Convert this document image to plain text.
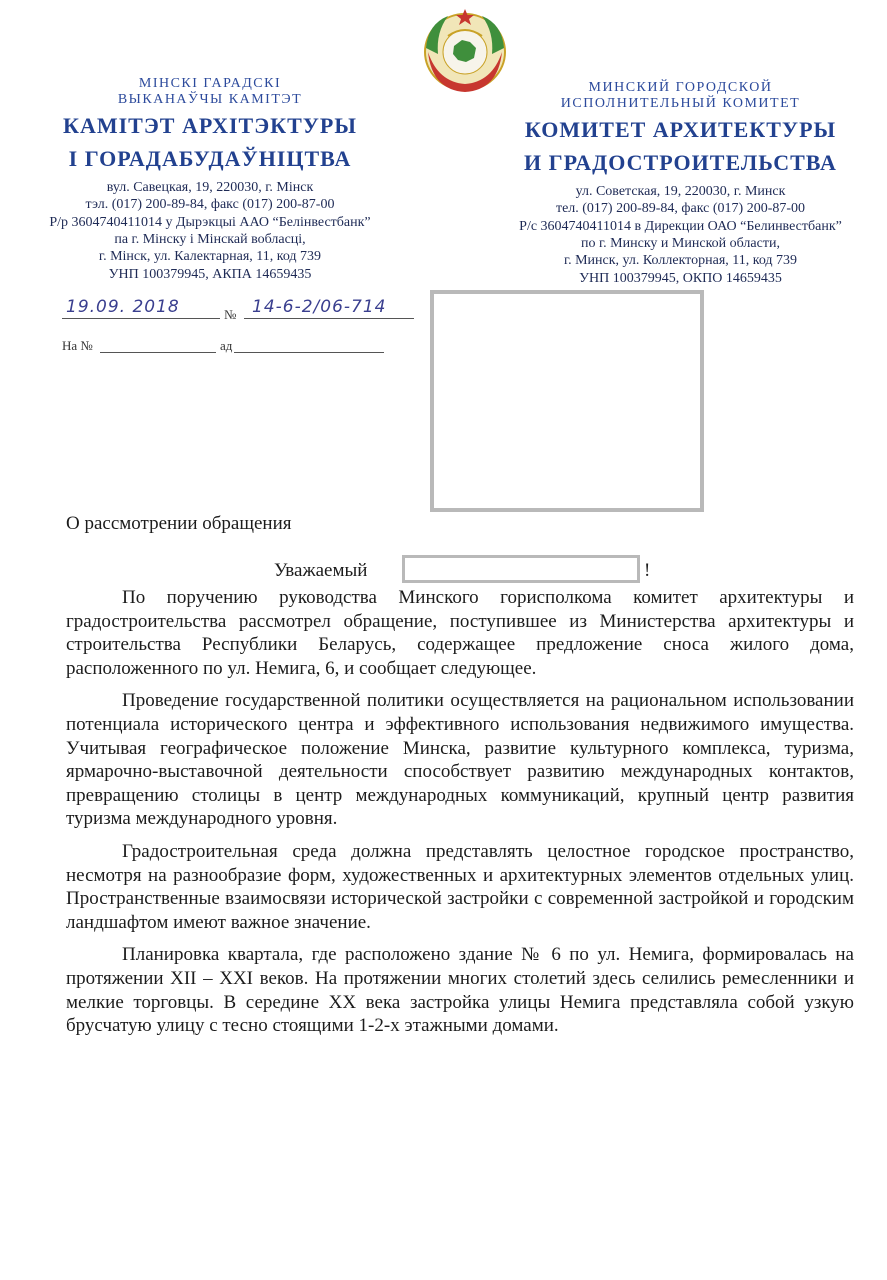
МІНСКІ ГАРАДСКІ
ВЫКАНАЎЧЫ КАМІТЭТ
КАМІТЭТ АРХІТЭКТУРЫ
І ГОРАДАБУДАЎНІЦТВА
вул. Савецкая, 19, 220030, г. Мінск
тэл. (017) 200-89-84, факс (017) 200-87-00
Р/р 3604740411014 у Дырэкцыі ААО “Белінвестбанк”
па г. Мінску і Мінскай вобласці,
г. Мінск, ул. Калектарная, 11, код 739
УНП 100379945, АКПА 14659435
МИНСКИЙ ГОРОДСКОЙ
ИСПОЛНИТЕЛЬНЫЙ КОМИТЕТ
КОМИТЕТ АРХИТЕКТУРЫ
И ГРАДОСТРОИТЕЛЬСТВА
ул. Советская, 19, 220030, г. Минск
тел. (017) 200-89-84, факс (017) 200-87-00
Р/с 3604740411014 в Дирекции ОАО “Белинвестбанк”
по г. Минску и Минской области,
г. Минск, ул. Коллекторная, 11, код 739
УНП 100379945, ОКПО 14659435
19.09. 2018	№ 14-6-2/06-714
На №	ад
О рассмотрении обращения
Уважаемый	!

По поручению руководства Минского горисполкома комитет архитектуры и градостроительства рассмотрел обращение, поступившее из Министерства архитектуры и строительства Республики Беларусь, содержащее предложение сноса жилого дома, расположенного по ул. Немига, 6, и сообщает следующее.

Проведение государственной политики осуществляется на рациональном использовании потенциала исторического центра и эффективного использования недвижимого имущества. Учитывая географическое положение Минска, развитие культурного комплекса, туризма, ярмарочно-выставочной деятельности способствует развитию международных контактов, превращению столицы в центр международных коммуникаций, крупный центр развития туризма международного уровня.

Градостроительная среда должна представлять целостное городское пространство, несмотря на разнообразие форм, художественных и архитектурных элементов отдельных улиц. Пространственные взаимосвязи исторической застройки с современной застройкой и городским ландшафтом имеют важное значение.

Планировка квартала, где расположено здание № 6 по ул. Немига, формировалась на протяжении XII – XXI веков. На протяжении многих столетий здесь селились ремесленники и мелкие торговцы. В середине XX века застройка улицы Немига представляла собой узкую брусчатую улицу с тесно стоящими 1-2-х этажными домами.
